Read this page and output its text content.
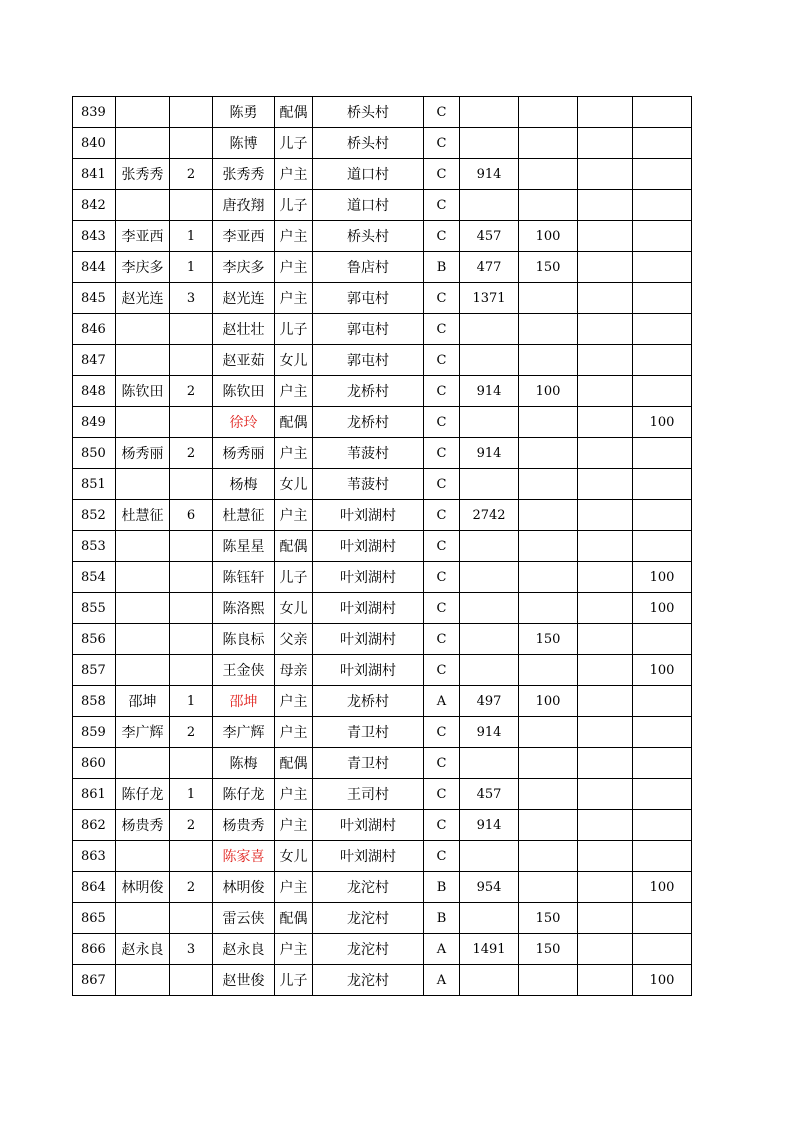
839			陈勇	配偶	桥头村	C				
840			陈博	儿子	桥头村	C				
841	张秀秀	2	张秀秀	户主	道口村	C	914			
842			唐孜翔	儿子	道口村	C				
843	李亚西	1	李亚西	户主	桥头村	C	457	100		
844	李庆多	1	李庆多	户主	鲁店村	B	477	150		
845	赵光连	3	赵光连	户主	郭屯村	C	1371			
846			赵壮壮	儿子	郭屯村	C				
847			赵亚茹	女儿	郭屯村	C				
848	陈钦田	2	陈钦田	户主	龙桥村	C	914	100		
849			徐玲	配偶	龙桥村	C				100
850	杨秀丽	2	杨秀丽	户主	苇菠村	C	914			
851			杨梅	女儿	苇菠村	C				
852	杜慧征	6	杜慧征	户主	叶刘湖村	C	2742			
853			陈星星	配偶	叶刘湖村	C				
854			陈钰轩	儿子	叶刘湖村	C				100
855			陈洛熙	女儿	叶刘湖村	C				100
856			陈良标	父亲	叶刘湖村	C		150		
857			王金侠	母亲	叶刘湖村	C				100
858	邵坤	1	邵坤	户主	龙桥村	A	497	100		
859	李广辉	2	李广辉	户主	青卫村	C	914			
860			陈梅	配偶	青卫村	C				
861	陈仔龙	1	陈仔龙	户主	王司村	C	457			
862	杨贵秀	2	杨贵秀	户主	叶刘湖村	C	914			
863			陈家喜	女儿	叶刘湖村	C				
864	林明俊	2	林明俊	户主	龙沱村	B	954			100
865			雷云侠	配偶	龙沱村	B		150		
866	赵永良	3	赵永良	户主	龙沱村	A	1491	150		
867			赵世俊	儿子	龙沱村	A				100
